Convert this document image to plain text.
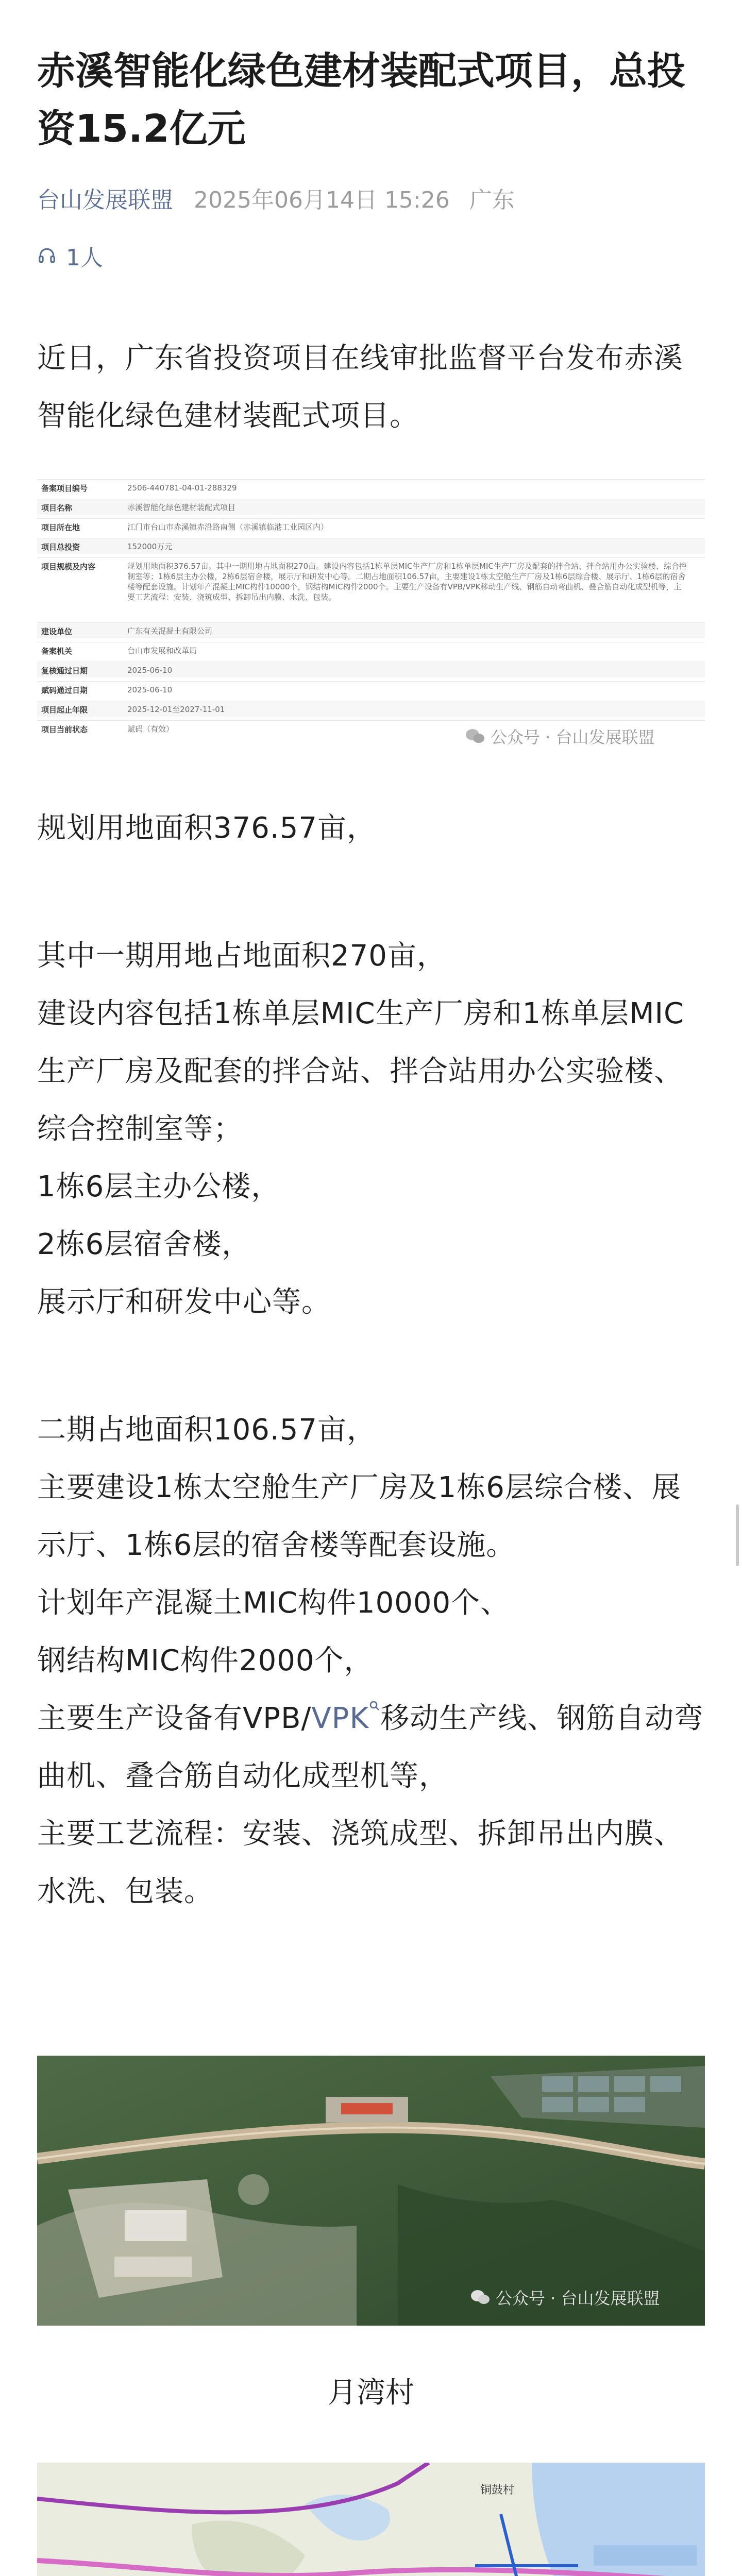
赤溪智能化绿色建材装配式项目，总投资15.2亿元
台山发展联盟 2025年06月14日 15:26 广东
1人

近日，广东省投资项目在线审批监督平台发布赤溪智能化绿色建材装配式项目。

备案项目编号	2506-440781-04-01-288329
项目名称	赤溪智能化绿色建材装配式项目
项目所在地	江门市台山市赤溪镇赤沿路南侧（赤溪镇临港工业园区内）
项目总投资	152000万元
项目规模及内容	规划用地面积376.57亩。其中一期用地占地面积270亩。建设内容包括1栋单层MIC生产厂房和1栋单层MIC生产厂房及配套的拌合站、拌合站用办公实验楼、综合控制室等；1栋6层主办公楼，2栋6层宿舍楼，展示厅和研发中心等。二期占地面积106.57亩，主要建设1栋太空舱生产厂房及1栋6层综合楼、展示厅、1栋6层的宿舍楼等配套设施。计划年产混凝土MIC构件10000个，钢结构MIC构件2000个。主要生产设备有VPB/VPK移动生产线、钢筋自动弯曲机、叠合筋自动化成型机等，主要工艺流程：安装、浇筑成型、拆卸吊出内膜、水洗、包装。
建设单位	广东有关混凝土有限公司
备案机关	台山市发展和改革局
复核通过日期	2025-06-10
赋码通过日期	2025-06-10
项目起止年限	2025-12-01至2027-11-01
项目当前状态	赋码（有效）	公众号 · 台山发展联盟

规划用地面积376.57亩，

其中一期用地占地面积270亩，

建设内容包括1栋单层MIC生产厂房和1栋单层MIC生产厂房及配套的拌合站、拌合站用办公实验楼、综合控制室等；

1栋6层主办公楼，

2栋6层宿舍楼，

展示厅和研发中心等。

二期占地面积106.57亩，

主要建设1栋太空舱生产厂房及1栋6层综合楼、展示厅、1栋6层的宿舍楼等配套设施。

计划年产混凝土MIC构件10000个、

钢结构MIC构件2000个，

主要生产设备有VPB/VPK 移动生产线、钢筋自动弯曲机、叠合筋自动化成型机等，

主要工艺流程：安装、浇筑成型、拆卸吊出内膜、水洗、包装。

公众号 · 台山发展联盟

月湾村

铜鼓村
